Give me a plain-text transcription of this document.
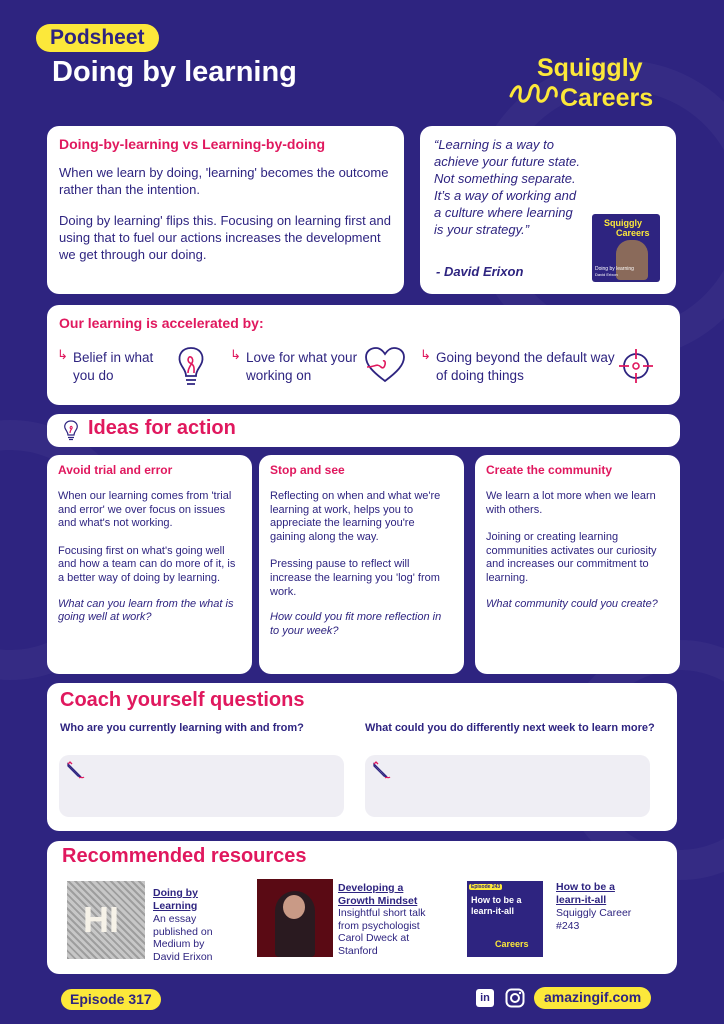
Podsheet
Doing by learning	Squiggly
Careers
Doing-by-learning vs Learning-by-doing

When we learn by doing, 'learning' becomes the outcome rather than the intention.

Doing by learning' flips this. Focusing on learning first and using that to fuel our actions increases the development we get through our doing.

“Learning is a way to achieve your future state. Not something separate. It’s a way of working and a culture where learning is your strategy.”

- David Erixon
Squiggly
Careers
Doing by learning
David Erixon
Our learning is accelerated by:
↳ Belief in what you do
↳ Love for what your working on
↳ Going beyond the default way of doing things
Ideas for action
Avoid trial and error

When our learning comes from 'trial and error' we over focus on issues and what's not working.

Focusing first on what's going well and how a team can do more of it, is a better way of doing by learning.

What can you learn from the what is going well at work?

Stop and see

Reflecting on when and what we're learning at work, helps you to appreciate the learning you're gaining along the way.

Pressing pause to reflect will increase the learning you 'log' from work.

How could you fit more reflection in to your week?

Create the community

We learn a lot more when we learn with others.

Joining or creating learning communities activates our curiosity and increases our commitment to learning.

What community could you create?

Coach yourself questions
Who are you currently learning with and from?	What could you do differently next week to learn more?
Recommended resources
HI
Doing by Learning
An essay published on Medium by David Erixon
Developing a Growth Mindset
Insightful short talk from psychologist Carol Dweck at Stanford
Episode 243
How to be a learn-it-all
Careers
How to be a learn-it-all
Squiggly Career #243
Episode 317	in	amazingif.com
